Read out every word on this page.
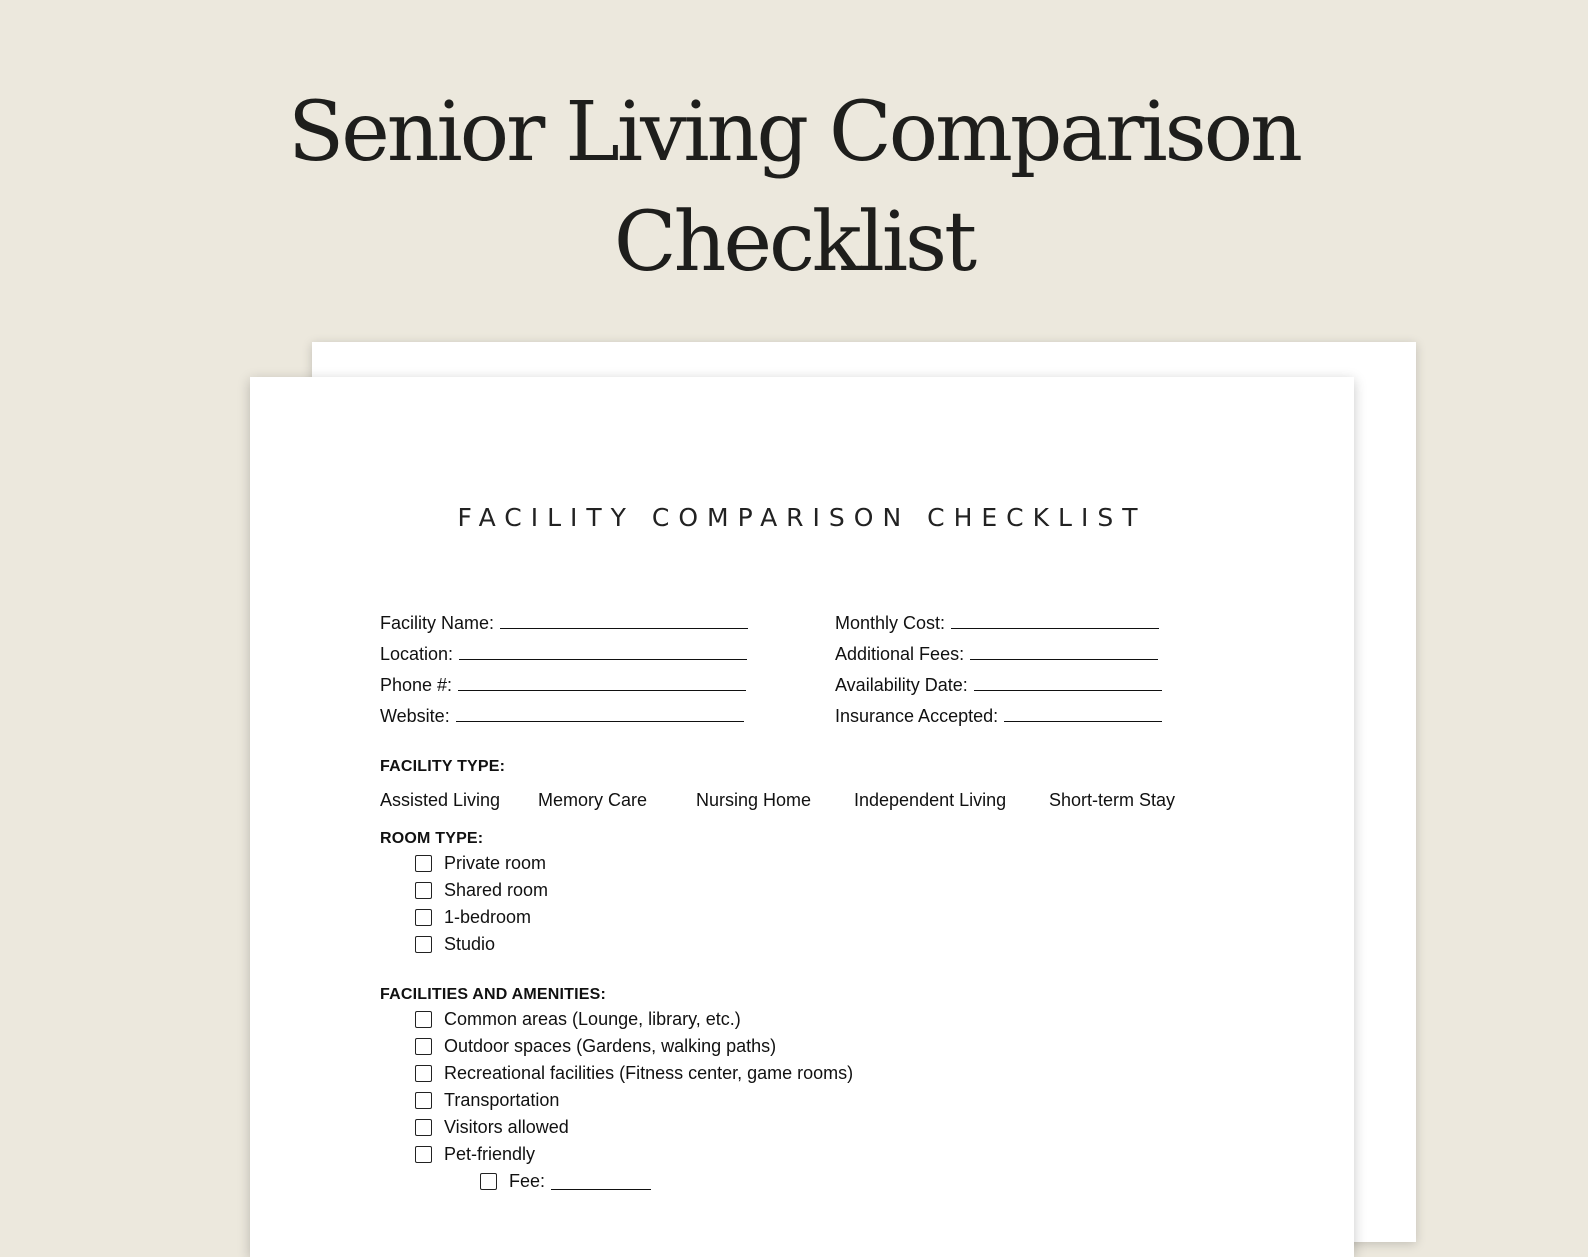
Senior Living Comparison
Checklist
FACILITY COMPARISON CHECKLIST
Facility Name:
Location:
Phone #:
Website:
Monthly Cost:
Additional Fees:
Availability Date:
Insurance Accepted:
FACILITY TYPE:
Assisted Living Memory Care	Nursing Home Independent Living Short-term Stay
ROOM TYPE:
Private room
Shared room
1-bedroom
Studio
FACILITIES AND AMENITIES:
Common areas (Lounge, library, etc.)
Outdoor spaces (Gardens, walking paths)
Recreational facilities (Fitness center, game rooms)
Transportation
Visitors allowed
Pet-friendly
Fee:
